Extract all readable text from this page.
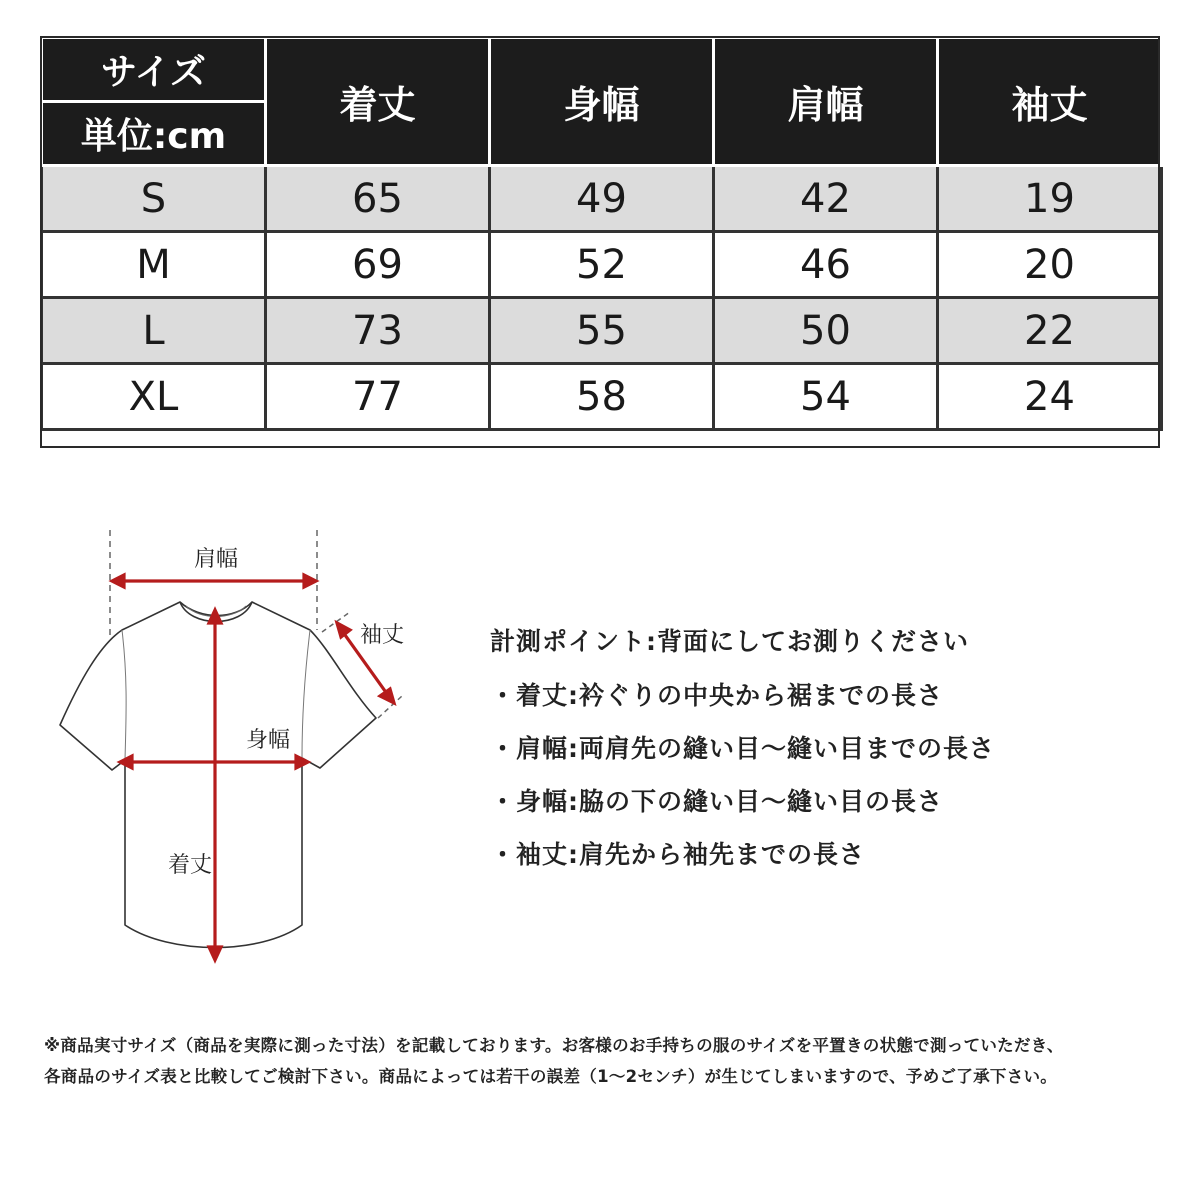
サイズ	着丈	身幅	肩幅	袖丈
単位:cm				
S	65	49	42	19
M	69	52	46	20
L	73	55	50	22
XL	77	58	54	24
肩幅
袖丈
身幅
着丈

計測ポイント:背面にしてお測りください

・着丈:衿ぐりの中央から裾までの長さ
・肩幅:両肩先の縫い目〜縫い目までの長さ
・身幅:脇の下の縫い目〜縫い目の長さ
・袖丈:肩先から袖先までの長さ

※商品実寸サイズ（商品を実際に測った寸法）を記載しております。お客様のお手持ちの服のサイズを平置きの状態で測っていただき、

各商品のサイズ表と比較してご検討下さい。商品によっては若干の誤差（1〜2センチ）が生じてしまいますので、予めご了承下さい。
